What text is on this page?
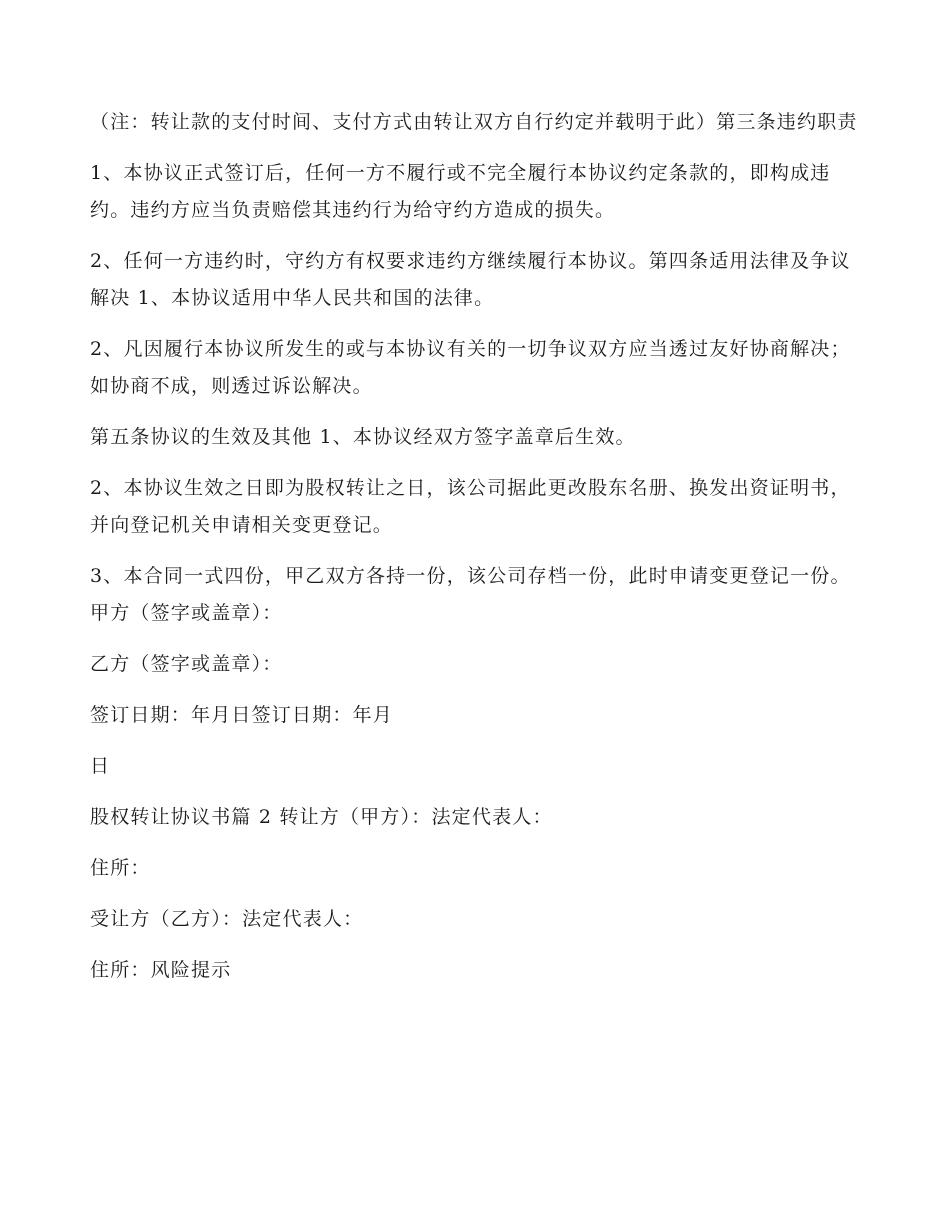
（注：转让款的支付时间、支付方式由转让双方自行约定并载明于此）第三条违约职责

1、本协议正式签订后，任何一方不履行或不完全履行本协议约定条款的，即构成违约。违约方应当负责赔偿其违约行为给守约方造成的损失。

2、任何一方违约时，守约方有权要求违约方继续履行本协议。第四条适用法律及争议解决 1、本协议适用中华人民共和国的法律。

2、凡因履行本协议所发生的或与本协议有关的一切争议双方应当透过友好协商解决；如协商不成，则透过诉讼解决。

第五条协议的生效及其他 1、本协议经双方签字盖章后生效。

2、本协议生效之日即为股权转让之日，该公司据此更改股东名册、换发出资证明书，并向登记机关申请相关变更登记。

3、本合同一式四份，甲乙双方各持一份，该公司存档一份，此时申请变更登记一份。甲方（签字或盖章）：

乙方（签字或盖章）：

签订日期：年月日签订日期：年月

日

股权转让协议书篇 2 转让方（甲方）：法定代表人：

住所：

受让方（乙方）：法定代表人：

住所：风险提示
